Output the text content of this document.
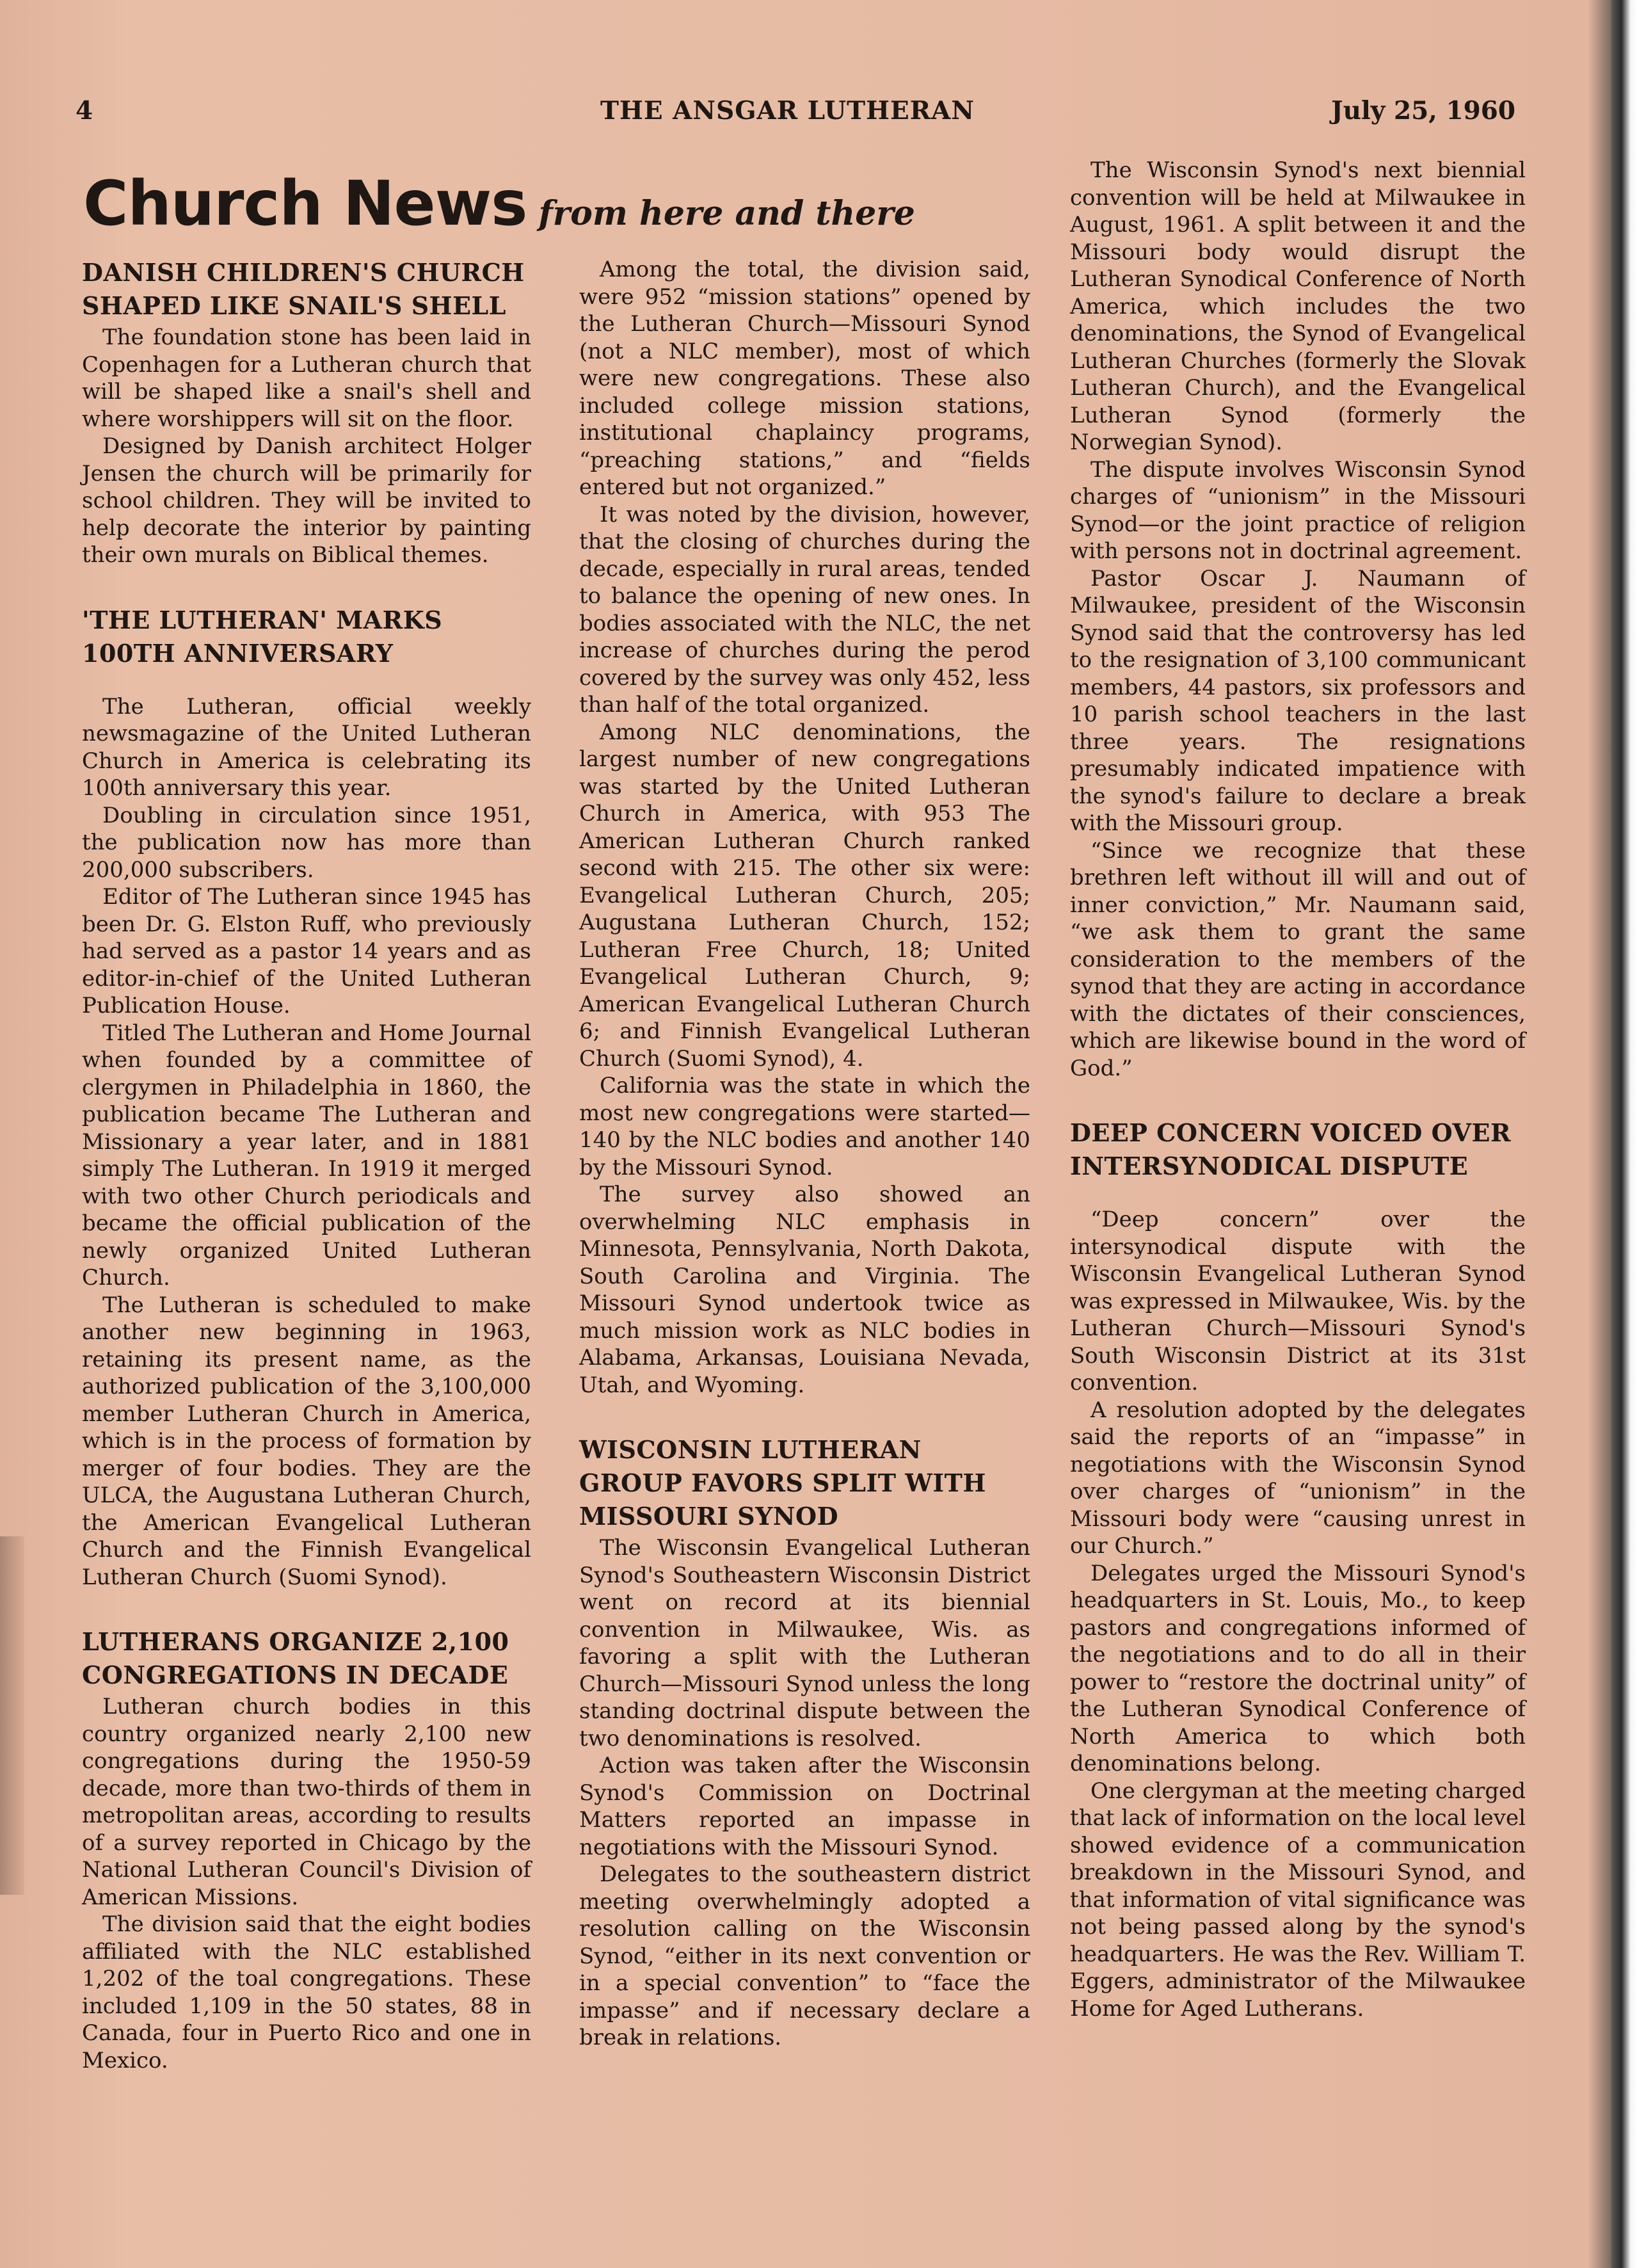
4	THE ANSGAR LUTHERAN	July 25, 1960
Church News from here and there
DANISH CHILDREN'S CHURCH SHAPED LIKE SNAIL'S SHELL

The foundation stone has been laid in Copenhagen for a Lutheran church that will be shaped like a snail's shell and where worshippers will sit on the floor.

Designed by Danish architect Holger Jensen the church will be primarily for school children. They will be invited to help decorate the interior by painting their own murals on Biblical themes.

'THE LUTHERAN' MARKS 100TH ANNIVERSARY

The Lutheran, official weekly newsmagazine of the United Lutheran Church in America is celebrating its 100th anniversary this year.

Doubling in circulation since 1951, the publication now has more than 200,000 subscribers.

Editor of The Lutheran since 1945 has been Dr. G. Elston Ruff, who previously had served as a pastor 14 years and as editor-in-chief of the United Lutheran Publication House.

Titled The Lutheran and Home Journal when founded by a committee of clergymen in Philadelphia in 1860, the publication became The Lutheran and Missionary a year later, and in 1881 simply The Lutheran. In 1919 it merged with two other Church periodicals and became the official publication of the newly organized United Lutheran Church.

The Lutheran is scheduled to make another new beginning in 1963, retaining its present name, as the authorized publication of the 3,100,000 member Lutheran Church in America, which is in the process of formation by merger of four bodies. They are the ULCA, the Augustana Lutheran Church, the American Evangelical Lutheran Church and the Finnish Evangelical Lutheran Church (Suomi Synod).

LUTHERANS ORGANIZE 2,100 CONGREGATIONS IN DECADE

Lutheran church bodies in this country organized nearly 2,100 new congregations during the 1950-59 decade, more than two-thirds of them in metropolitan areas, according to results of a survey reported in Chicago by the National Lutheran Council's Division of American Missions.

The division said that the eight bodies affiliated with the NLC established 1,202 of the toal congregations. These included 1,109 in the 50 states, 88 in Canada, four in Puerto Rico and one in Mexico.

Among the total, the division said, were 952 “mission stations” opened by the Lutheran Church—Missouri Synod (not a NLC member), most of which were new congregations. These also included college mission stations, institutional chaplaincy programs, “preaching stations,” and “fields entered but not organized.”

It was noted by the division, however, that the closing of churches during the decade, especially in rural areas, tended to balance the opening of new ones. In bodies associated with the NLC, the net increase of churches during the perod covered by the survey was only 452, less than half of the total organized.

Among NLC denominations, the largest number of new congregations was started by the United Lutheran Church in America, with 953 The American Lutheran Church ranked second with 215. The other six were: Evangelical Lutheran Church, 205; Augustana Lutheran Church, 152; Lutheran Free Church, 18; United Evangelical Lutheran Church, 9; American Evangelical Lutheran Church 6; and Finnish Evangelical Lutheran Church (Suomi Synod), 4.

California was the state in which the most new congregations were started—140 by the NLC bodies and another 140 by the Missouri Synod.

The survey also showed an overwhelming NLC emphasis in Minnesota, Pennsylvania, North Dakota, South Carolina and Virginia. The Missouri Synod undertook twice as much mission work as NLC bodies in Alabama, Arkansas, Louisiana Nevada, Utah, and Wyoming.

WISCONSIN LUTHERAN GROUP FAVORS SPLIT WITH MISSOURI SYNOD

The Wisconsin Evangelical Lutheran Synod's Southeastern Wisconsin District went on record at its biennial convention in Milwaukee, Wis. as favoring a split with the Lutheran Church—Missouri Synod unless the long standing doctrinal dispute between the two denominations is resolved.

Action was taken after the Wisconsin Synod's Commission on Doctrinal Matters reported an impasse in negotiations with the Missouri Synod.

Delegates to the southeastern district meeting overwhelmingly adopted a resolution calling on the Wisconsin Synod, “either in its next convention or in a special convention” to “face the impasse” and if necessary declare a break in relations.

The Wisconsin Synod's next biennial convention will be held at Milwaukee in August, 1961. A split between it and the Missouri body would disrupt the Lutheran Synodical Conference of North America, which includes the two denominations, the Synod of Evangelical Lutheran Churches (formerly the Slovak Lutheran Church), and the Evangelical Lutheran Synod (formerly the Norwegian Synod).

The dispute involves Wisconsin Synod charges of “unionism” in the Missouri Synod—or the joint practice of religion with persons not in doctrinal agreement.

Pastor Oscar J. Naumann of Milwaukee, president of the Wisconsin Synod said that the controversy has led to the resignation of 3,100 communicant members, 44 pastors, six professors and 10 parish school teachers in the last three years. The resignations presumably indicated impatience with the synod's failure to declare a break with the Missouri group.

“Since we recognize that these brethren left without ill will and out of inner conviction,” Mr. Naumann said, “we ask them to grant the same consideration to the members of the synod that they are acting in accordance with the dictates of their consciences, which are likewise bound in the word of God.”

DEEP CONCERN VOICED OVER INTERSYNODICAL DISPUTE

“Deep concern” over the intersynodical dispute with the Wisconsin Evangelical Lutheran Synod was expressed in Milwaukee, Wis. by the Lutheran Church—Missouri Synod's South Wisconsin District at its 31st convention.

A resolution adopted by the delegates said the reports of an “impasse” in negotiations with the Wisconsin Synod over charges of “unionism” in the Missouri body were “causing unrest in our Church.”

Delegates urged the Missouri Synod's headquarters in St. Louis, Mo., to keep pastors and congregations informed of the negotiations and to do all in their power to “restore the doctrinal unity” of the Lutheran Synodical Conference of North America to which both denominations belong.

One clergyman at the meeting charged that lack of information on the local level showed evidence of a communication breakdown in the Missouri Synod, and that information of vital significance was not being passed along by the synod's headquarters. He was the Rev. William T. Eggers, administrator of the Milwaukee Home for Aged Lutherans.
